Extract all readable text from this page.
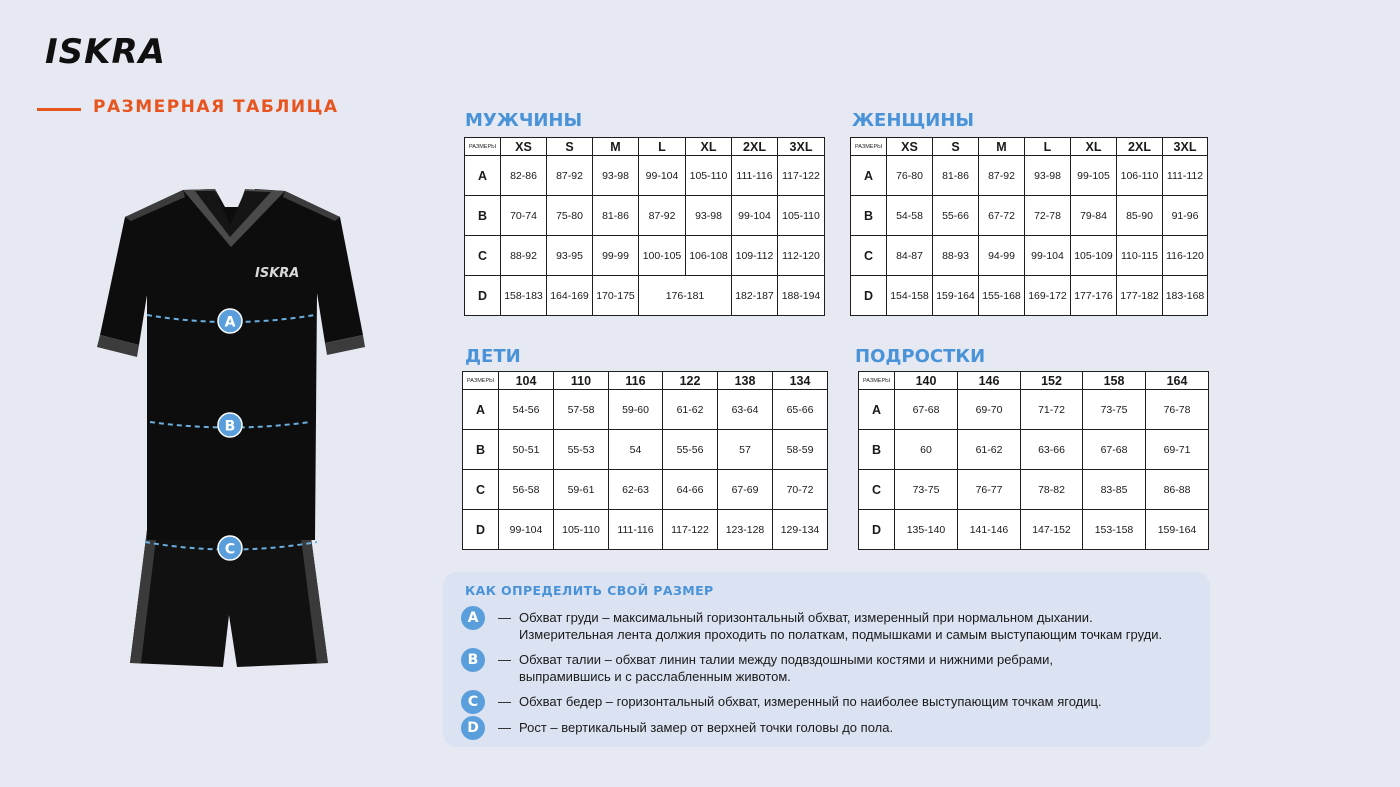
ISKRA
РАЗМЕРНАЯ ТАБЛИЦА
ISKRA
A
B
C
МУЖЧИНЫ
РАЗМЕРЫ	XS	S	M	L	XL	2XL	3XL
A	82-86	87-92	93-98	99-104	105-110	111-116	117-122
B	70-74	75-80	81-86	87-92	93-98	99-104	105-110
C	88-92	93-95	99-99	100-105	106-108	109-112	112-120
D	158-183	164-169	170-175	176-181		182-187	188-194
ЖЕНЩИНЫ
РАЗМЕРЫ	XS	S	M	L	XL	2XL	3XL
A	76-80	81-86	87-92	93-98	99-105	106-110	111-112
B	54-58	55-66	67-72	72-78	79-84	85-90	91-96
C	84-87	88-93	94-99	99-104	105-109	110-115	116-120
D	154-158	159-164	155-168	169-172	177-176	177-182	183-168
ДЕТИ
РАЗМЕРЫ	104	110	116	122	138	134
A	54-56	57-58	59-60	61-62	63-64	65-66
B	50-51	55-53	54	55-56	57	58-59
C	56-58	59-61	62-63	64-66	67-69	70-72
D	99-104	105-110	111-116	117-122	123-128	129-134
ПОДРОСТКИ
РАЗМЕРЫ	140	146	152	158	164
A	67-68	69-70	71-72	73-75	76-78
B	60	61-62	63-66	67-68	69-71
C	73-75	76-77	78-82	83-85	86-88
D	135-140	141-146	147-152	153-158	159-164
КАК ОПРЕДЕЛИТЬ СВОЙ РАЗМЕР
A	— Обхват груди – максимальный горизонтальный обхват, измеренный при нормальном дыхании.
Измерительная лента должия проходить по полаткам, подмышками и самым выступающим точкам груди.
B	— Обхват талии – обхват линин талии между подвздошными костями и нижними ребрами,
выпрамившись и с расслабленным животом.
C	— Обхват бедер – горизонтальный обхват, измеренный по наиболее выступающим точкам ягодиц.
D	— Рост – вертикальный замер от верхней точки головы до пола.
